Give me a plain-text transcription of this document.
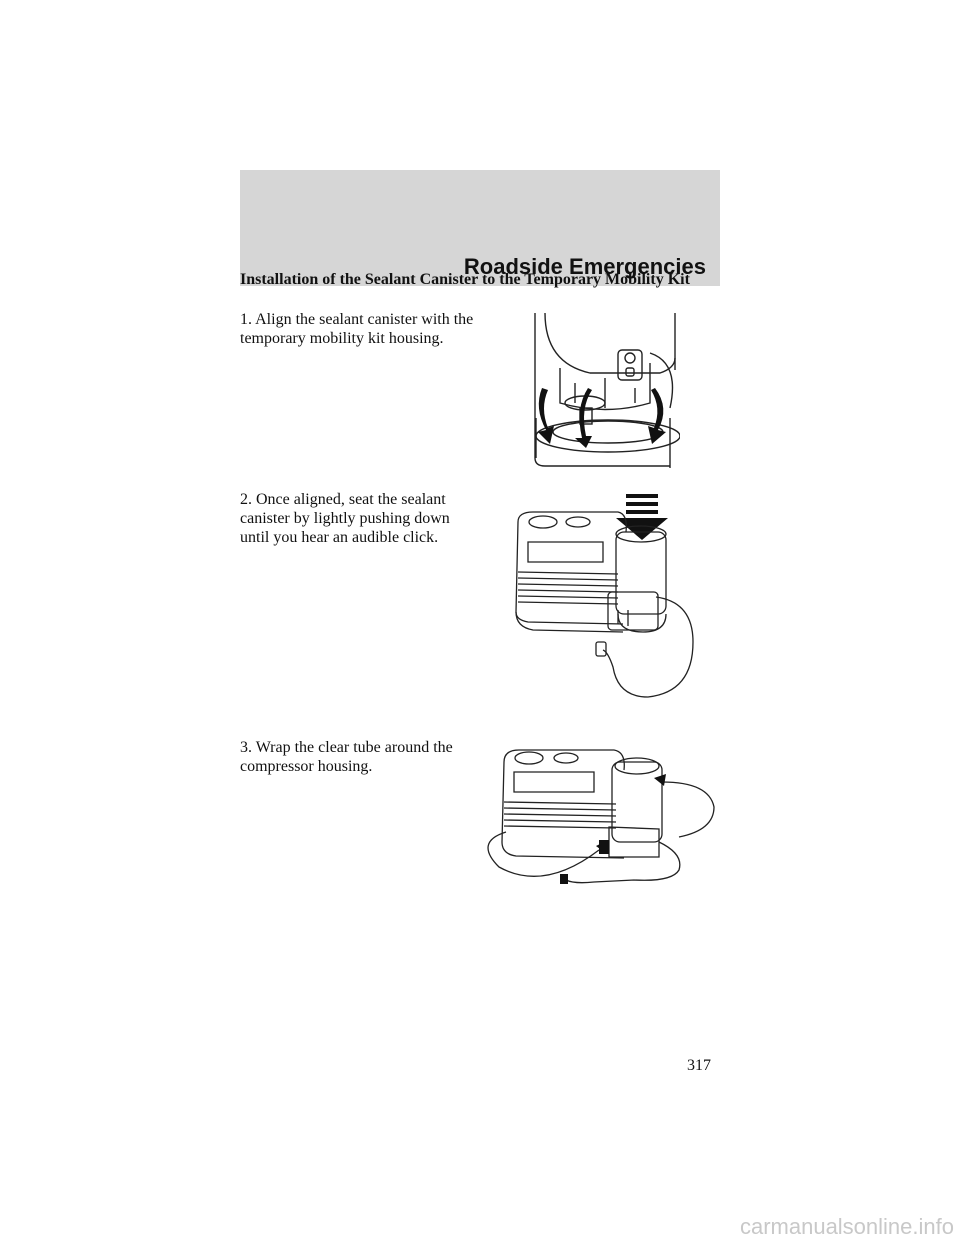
Roadside Emergencies
Installation of the Sealant Canister to the Temporary Mobility Kit
1. Align the sealant canister with the temporary mobility kit housing.
2. Once aligned, seat the sealant canister by lightly pushing down until you hear an audible click.
3. Wrap the clear tube around the compressor housing.
317
carmanualsonline.info
